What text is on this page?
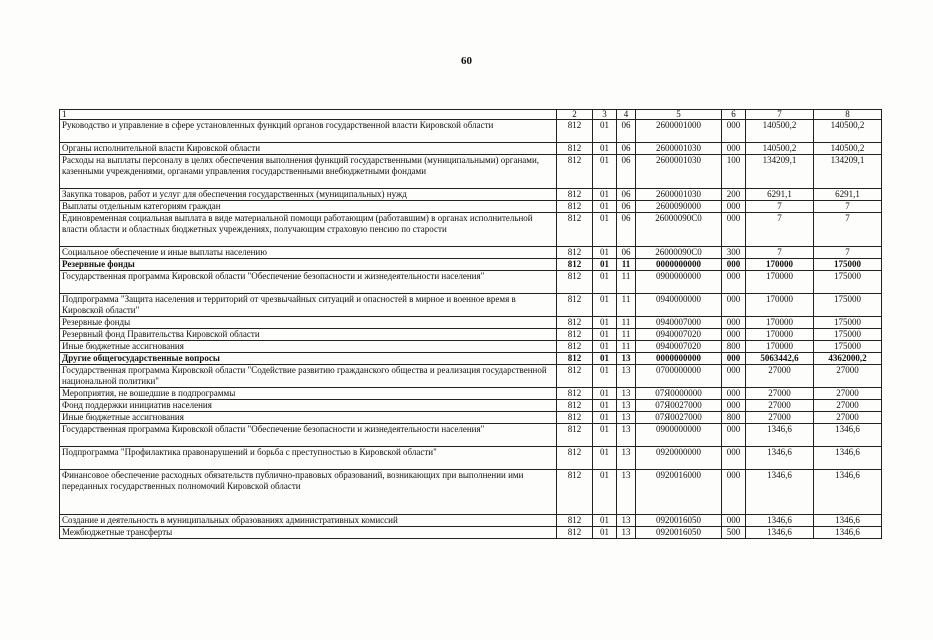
60
1	2	3	4	5	6	7	8
Руководство и управление в сфере установленных функций органов государственной власти Кировской области	812	01	06	2600001000	000	140500,2	140500,2
Органы исполнительной власти Кировской области	812	01	06	2600001030	000	140500,2	140500,2
Расходы на выплаты персоналу в целях обеспечения выполнения функций государственными (муниципальными) органами, казенными учреждениями, органами управления государственными внебюджетными фондами	812	01	06	2600001030	100	134209,1	134209,1
Закупка товаров, работ и услуг для обеспечения государственных (муниципальных) нужд	812	01	06	2600001030	200	6291,1	6291,1
Выплаты отдельным категориям граждан	812	01	06	2600090000	000	7	7
Единовременная социальная выплата в виде материальной помощи работающим (работавшим) в органах исполнительной власти области и областных бюджетных учреждениях, получающим страховую пенсию по старости	812	01	06	26000090C0	000	7	7
Социальное обеспечение и иные выплаты населению	812	01	06	26000090C0	300	7	7
Резервные фонды	812	01	11	0000000000	000	170000	175000
Государственная программа Кировской области "Обеспечение безопасности и жизнедеятельности населения"	812	01	11	0900000000	000	170000	175000
Подпрограмма "Защита населения и территорий от чрезвычайных ситуаций и опасностей в мирное и военное время в Кировской области"	812	01	11	0940000000	000	170000	175000
Резервные фонды	812	01	11	0940007000	000	170000	175000
Резервный фонд Правительства Кировской области	812	01	11	0940007020	000	170000	175000
Иные бюджетные ассигнования	812	01	11	0940007020	800	170000	175000
Другие общегосударственные вопросы	812	01	13	0000000000	000	5063442,6	4362000,2
Государственная программа Кировской области "Содействие развитию гражданского общества и реализация государственной национальной политики"	812	01	13	0700000000	000	27000	27000
Мероприятия, не вошедшие в подпрограммы	812	01	13	07Я0000000	000	27000	27000
Фонд поддержки инициатив населения	812	01	13	07Я0027000	000	27000	27000
Иные бюджетные ассигнования	812	01	13	07Я0027000	800	27000	27000
Государственная программа Кировской области "Обеспечение безопасности и жизнедеятельности населения"	812	01	13	0900000000	000	1346,6	1346,6
Подпрограмма "Профилактика правонарушений и борьба с преступностью в Кировской области"	812	01	13	0920000000	000	1346,6	1346,6
Финансовое обеспечение расходных обязательств публично-правовых образований, возникающих при выполнении ими переданных государственных полномочий Кировской области	812	01	13	0920016000	000	1346,6	1346,6
Создание и деятельность в муниципальных образованиях административных комиссий	812	01	13	0920016050	000	1346,6	1346,6
Межбюджетные трансферты	812	01	13	0920016050	500	1346,6	1346,6
